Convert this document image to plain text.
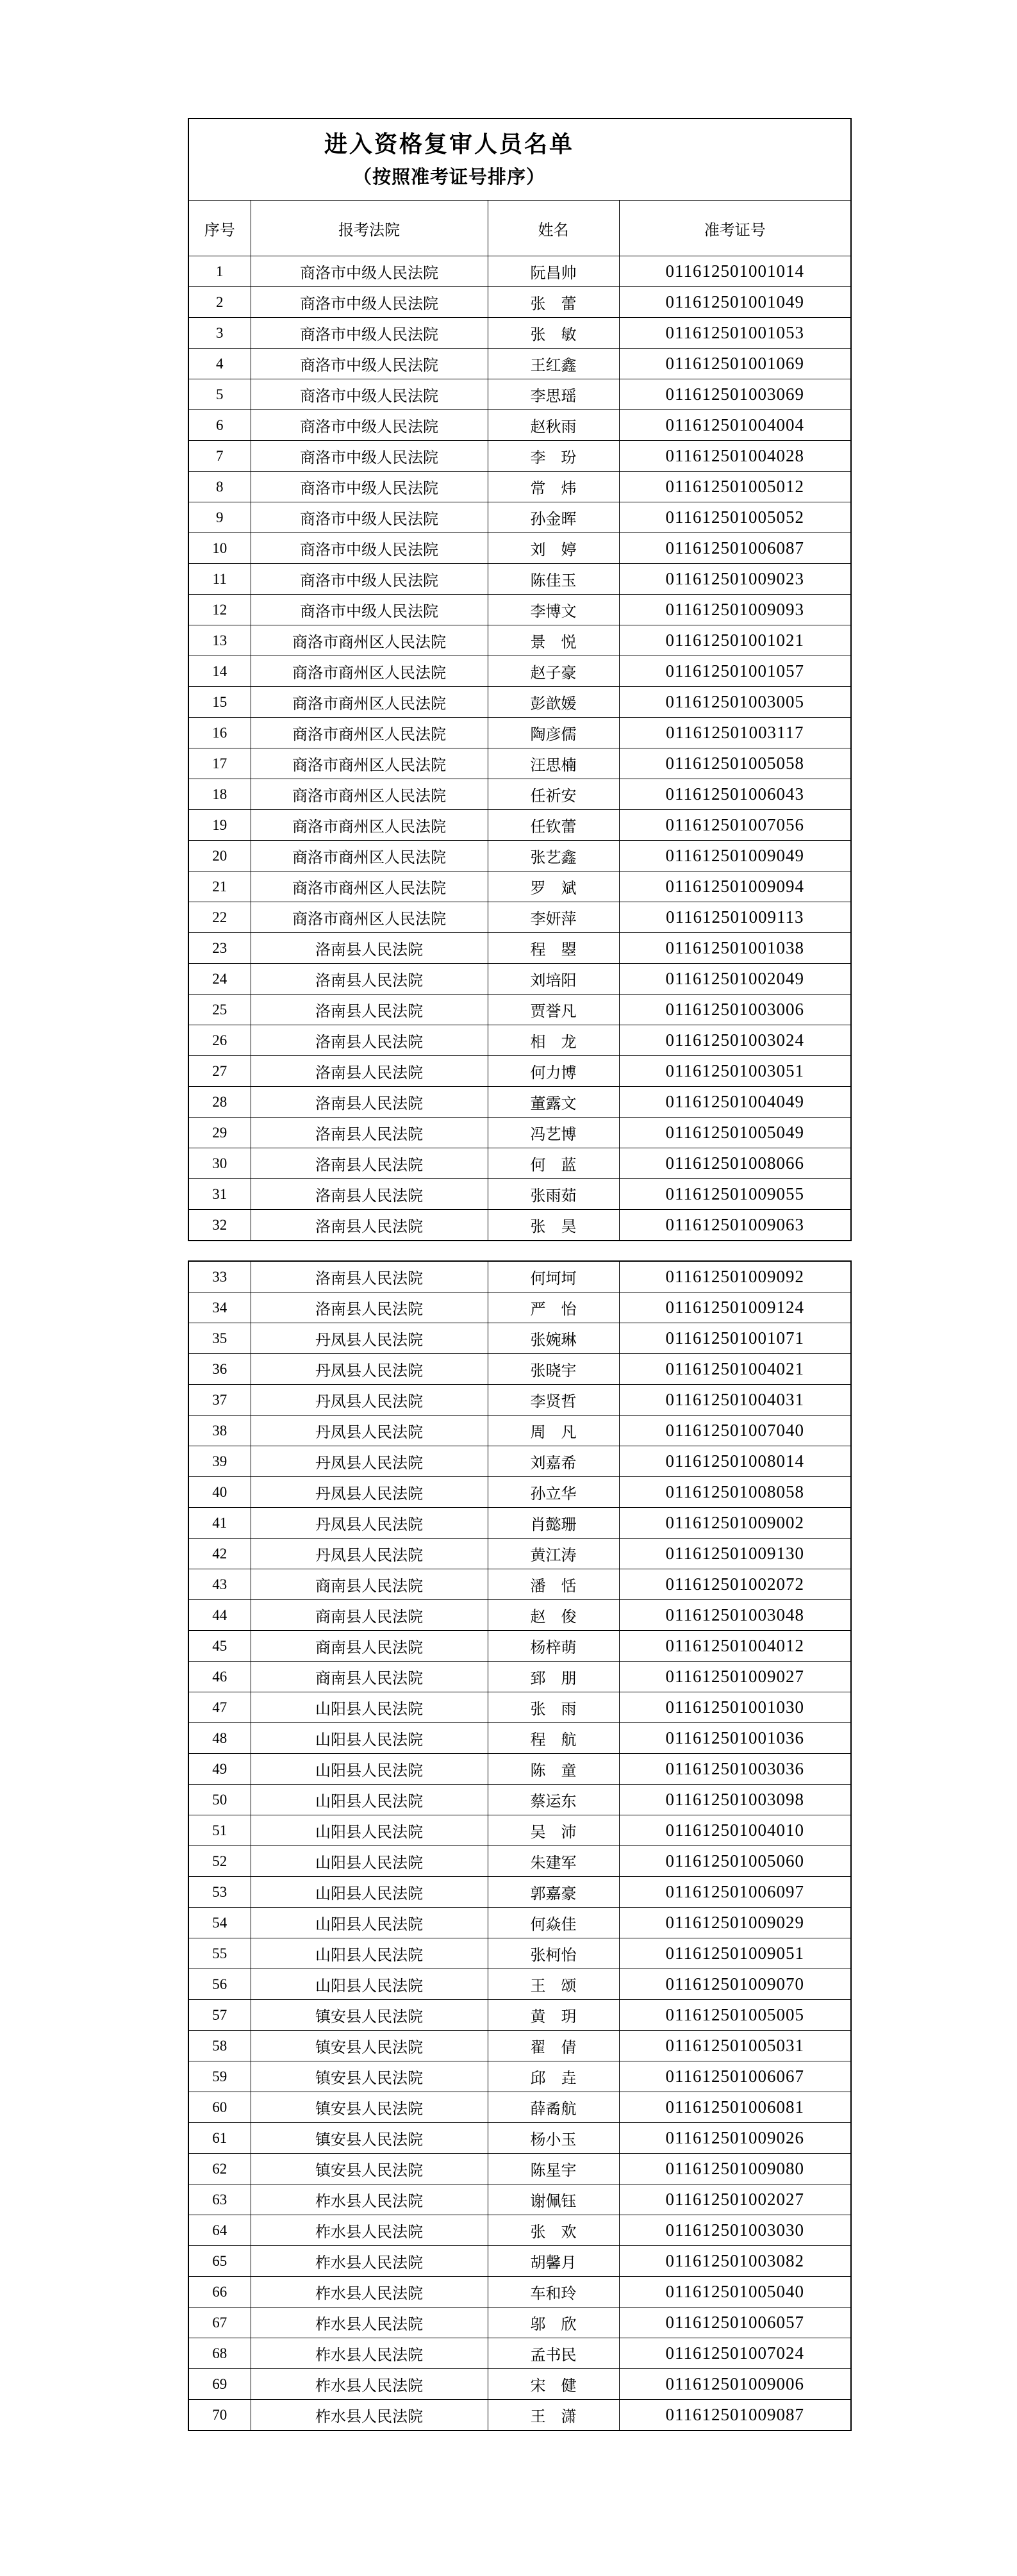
进入资格复审人员名单
（按照准考证号排序）			

序号	报考法院	姓名	准考证号
1	商洛市中级人民法院	阮昌帅	011612501001014
2	商洛市中级人民法院	张　蕾	011612501001049
3	商洛市中级人民法院	张　敏	011612501001053
4	商洛市中级人民法院	王红鑫	011612501001069
5	商洛市中级人民法院	李思瑶	011612501003069
6	商洛市中级人民法院	赵秋雨	011612501004004
7	商洛市中级人民法院	李　玢	011612501004028
8	商洛市中级人民法院	常　炜	011612501005012
9	商洛市中级人民法院	孙金晖	011612501005052
10	商洛市中级人民法院	刘　婷	011612501006087
11	商洛市中级人民法院	陈佳玉	011612501009023
12	商洛市中级人民法院	李博文	011612501009093
13	商洛市商州区人民法院	景　悦	011612501001021
14	商洛市商州区人民法院	赵子豪	011612501001057
15	商洛市商州区人民法院	彭歆媛	011612501003005
16	商洛市商州区人民法院	陶彦儒	011612501003117
17	商洛市商州区人民法院	汪思楠	011612501005058
18	商洛市商州区人民法院	任祈安	011612501006043
19	商洛市商州区人民法院	任钦蕾	011612501007056
20	商洛市商州区人民法院	张艺鑫	011612501009049
21	商洛市商州区人民法院	罗　斌	011612501009094
22	商洛市商州区人民法院	李妍萍	011612501009113
23	洛南县人民法院	程　曌	011612501001038
24	洛南县人民法院	刘培阳	011612501002049
25	洛南县人民法院	贾誉凡	011612501003006
26	洛南县人民法院	相　龙	011612501003024
27	洛南县人民法院	何力博	011612501003051
28	洛南县人民法院	董露文	011612501004049
29	洛南县人民法院	冯艺博	011612501005049
30	洛南县人民法院	何　蓝	011612501008066
31	洛南县人民法院	张雨茹	011612501009055
32	洛南县人民法院	张　昊	011612501009063
33	洛南县人民法院	何坷坷	011612501009092
34	洛南县人民法院	严　怡	011612501009124
35	丹凤县人民法院	张婉琳	011612501001071
36	丹凤县人民法院	张晓宇	011612501004021
37	丹凤县人民法院	李贤哲	011612501004031
38	丹凤县人民法院	周　凡	011612501007040
39	丹凤县人民法院	刘嘉希	011612501008014
40	丹凤县人民法院	孙立华	011612501008058
41	丹凤县人民法院	肖懿珊	011612501009002
42	丹凤县人民法院	黄江涛	011612501009130
43	商南县人民法院	潘　恬	011612501002072
44	商南县人民法院	赵　俊	011612501003048
45	商南县人民法院	杨梓萌	011612501004012
46	商南县人民法院	郅　朋	011612501009027
47	山阳县人民法院	张　雨	011612501001030
48	山阳县人民法院	程　航	011612501001036
49	山阳县人民法院	陈　童	011612501003036
50	山阳县人民法院	蔡运东	011612501003098
51	山阳县人民法院	吴　沛	011612501004010
52	山阳县人民法院	朱建军	011612501005060
53	山阳县人民法院	郭嘉豪	011612501006097
54	山阳县人民法院	何焱佳	011612501009029
55	山阳县人民法院	张柯怡	011612501009051
56	山阳县人民法院	王　颂	011612501009070
57	镇安县人民法院	黄　玥	011612501005005
58	镇安县人民法院	翟　倩	011612501005031
59	镇安县人民法院	邱　垚	011612501006067
60	镇安县人民法院	薛矞航	011612501006081
61	镇安县人民法院	杨小玉	011612501009026
62	镇安县人民法院	陈星宇	011612501009080
63	柞水县人民法院	谢佩钰	011612501002027
64	柞水县人民法院	张　欢	011612501003030
65	柞水县人民法院	胡馨月	011612501003082
66	柞水县人民法院	车和玲	011612501005040
67	柞水县人民法院	邬　欣	011612501006057
68	柞水县人民法院	孟书民	011612501007024
69	柞水县人民法院	宋　健	011612501009006
70	柞水县人民法院	王　潇	011612501009087
